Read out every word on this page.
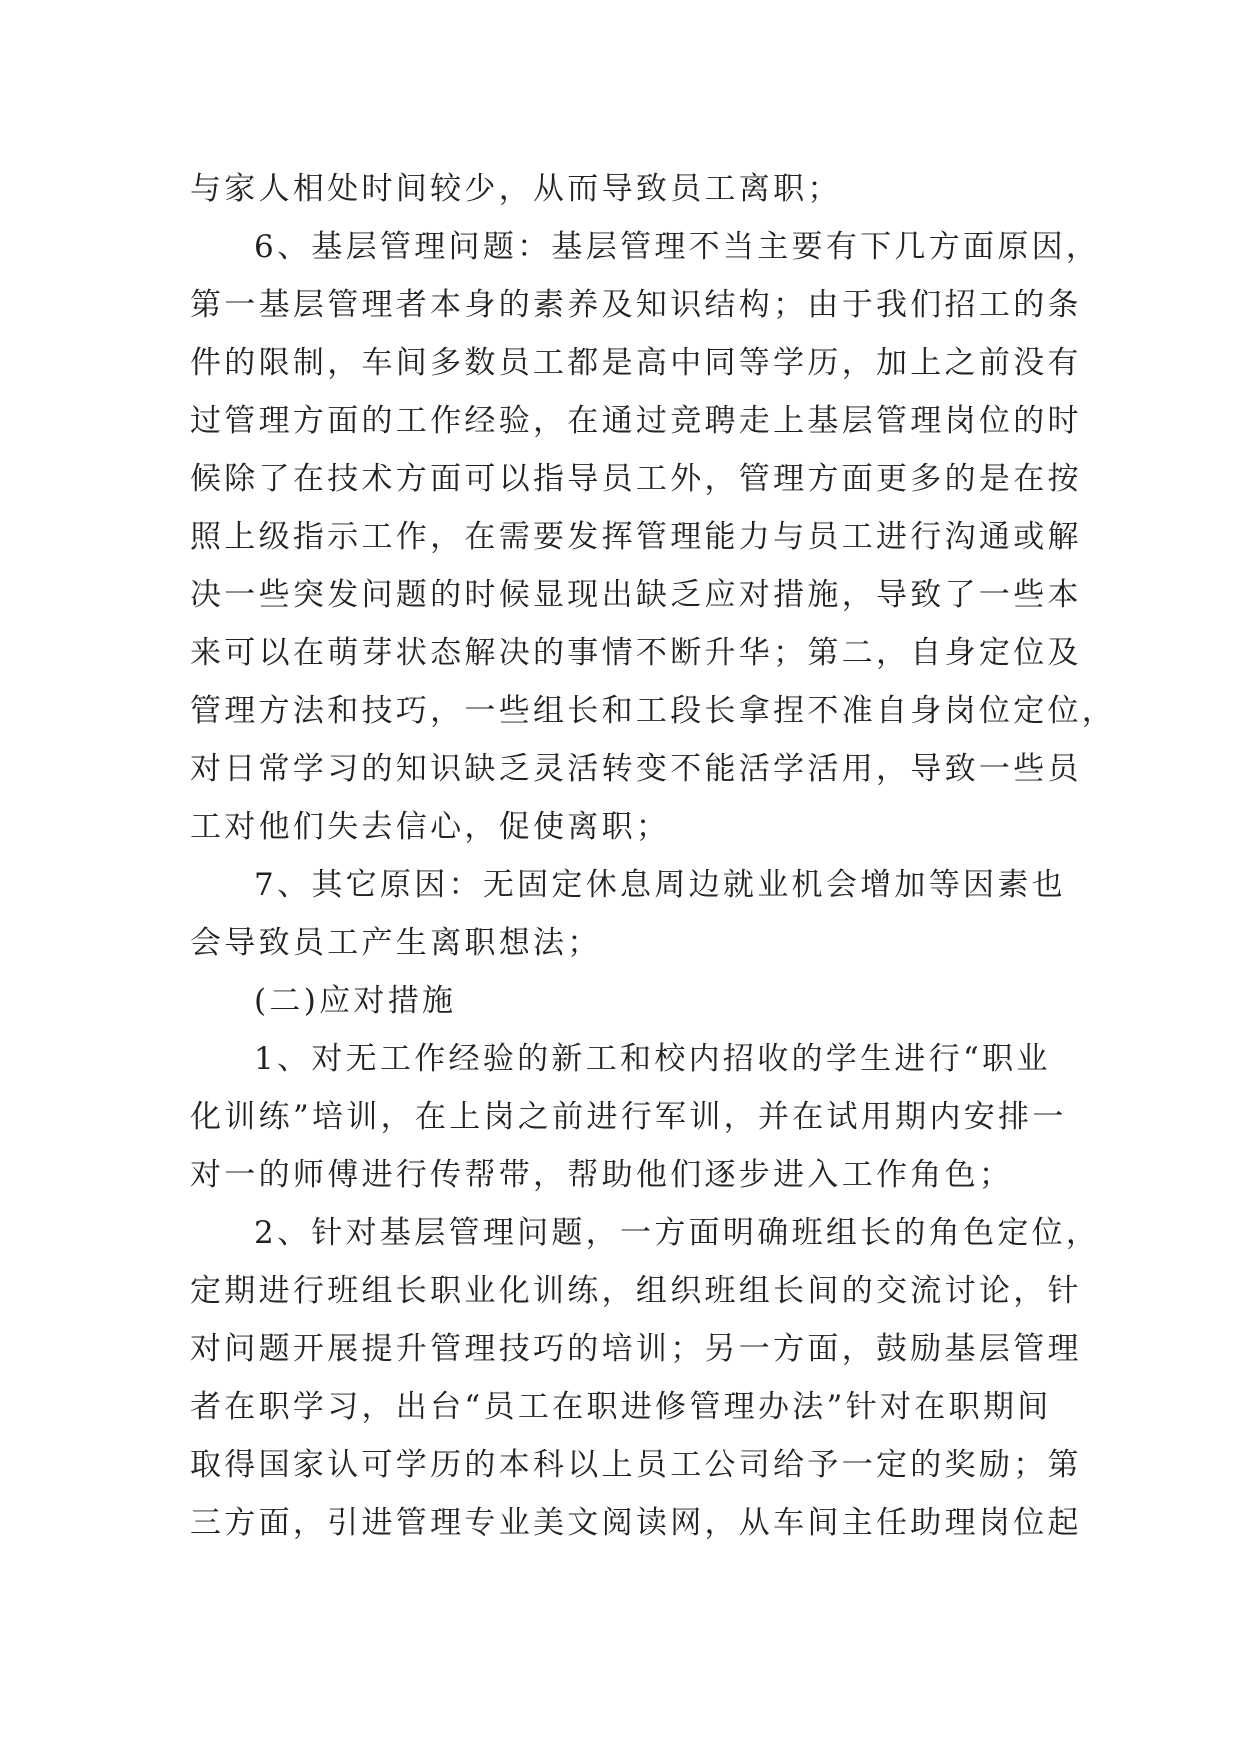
与家人相处时间较少，从而导致员工离职；
6、基层管理问题：基层管理不当主要有下几方面原因，
第一基层管理者本身的素养及知识结构；由于我们招工的条
件的限制，车间多数员工都是高中同等学历，加上之前没有
过管理方面的工作经验，在通过竞聘走上基层管理岗位的时
候除了在技术方面可以指导员工外，管理方面更多的是在按
照上级指示工作，在需要发挥管理能力与员工进行沟通或解
决一些突发问题的时候显现出缺乏应对措施，导致了一些本
来可以在萌芽状态解决的事情不断升华；第二，自身定位及
管理方法和技巧，一些组长和工段长拿捏不准自身岗位定位，
对日常学习的知识缺乏灵活转变不能活学活用，导致一些员
工对他们失去信心，促使离职；
7、其它原因：无固定休息周边就业机会增加等因素也
会导致员工产生离职想法；
(二)应对措施
1、对无工作经验的新工和校内招收的学生进行“职业
化训练”培训，在上岗之前进行军训，并在试用期内安排一
对一的师傅进行传帮带，帮助他们逐步进入工作角色；
2、针对基层管理问题，一方面明确班组长的角色定位，
定期进行班组长职业化训练，组织班组长间的交流讨论，针
对问题开展提升管理技巧的培训；另一方面，鼓励基层管理
者在职学习，出台“员工在职进修管理办法”针对在职期间
取得国家认可学历的本科以上员工公司给予一定的奖励；第
三方面，引进管理专业美文阅读网，从车间主任助理岗位起
